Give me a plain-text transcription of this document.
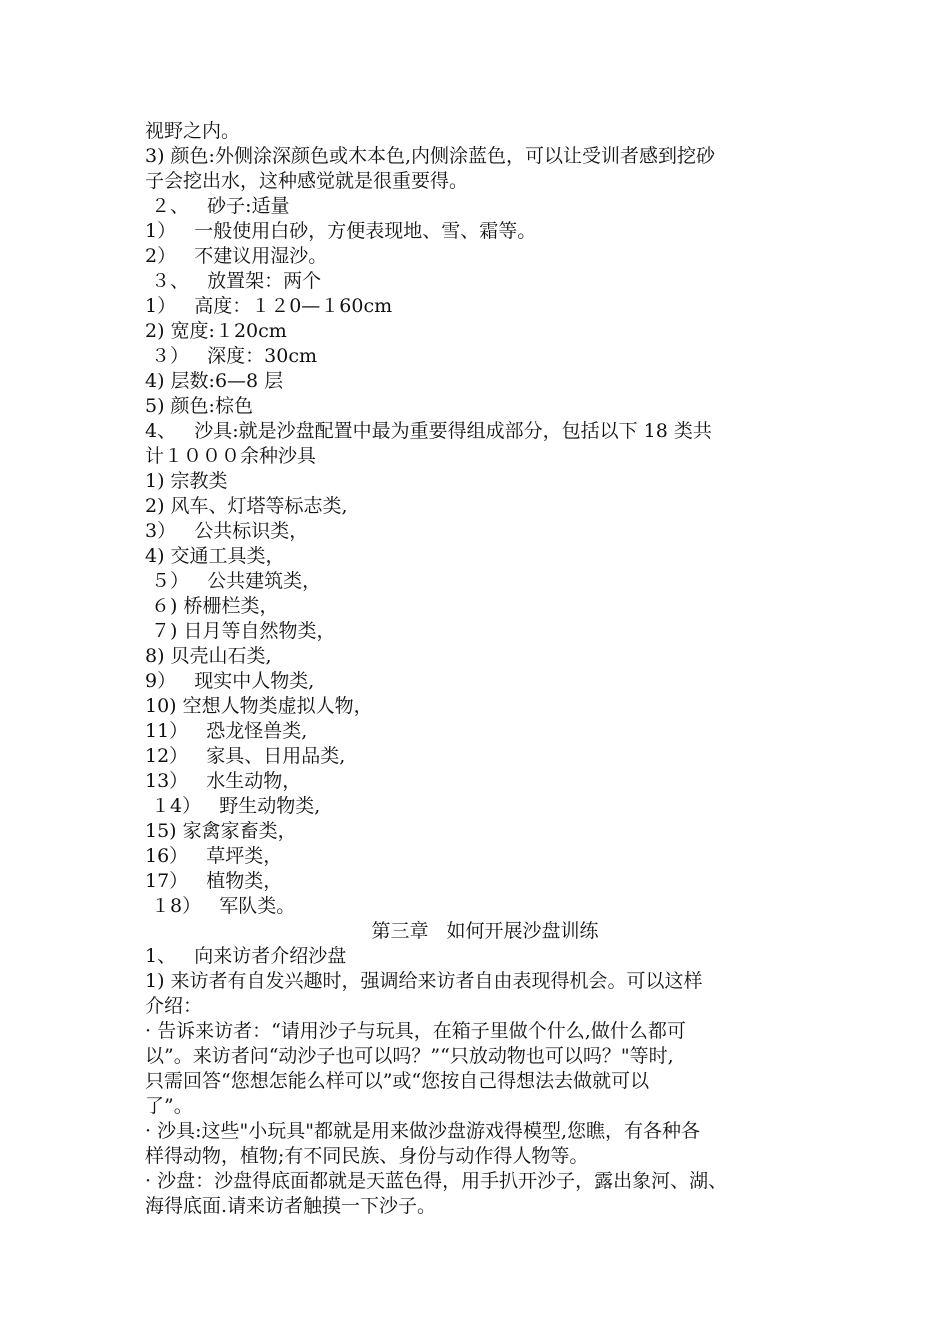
视野之内。
3) 颜色:外侧涂深颜色或木本色,内侧涂蓝色，可以让受训者感到挖砂
子会挖出水，这种感觉就是很重要得。
２、   砂子:适量
1）   一般使用白砂，方便表现地、雪、霜等。
2）   不建议用湿沙。
３、   放置架：两个
1）   高度：１２0—１60cm
2) 宽度:１20cm
３）   深度：30cm
4) 层数:6—8 层
5) 颜色:棕色
4、   沙具:就是沙盘配置中最为重要得组成部分，包括以下 18 类共
计１０００余种沙具
1) 宗教类
2) 风车、灯塔等标志类,
3）   公共标识类，
4) 交通工具类，
５）   公共建筑类，
６) 桥栅栏类，
７) 日月等自然物类，
8) 贝壳山石类,
9）   现实中人物类,
10) 空想人物类虚拟人物，
11）   恐龙怪兽类,
12）   家具、日用品类,
13）   水生动物，
１4）   野生动物类,
15) 家禽家畜类，
16）   草坪类，
17）   植物类，
１8）   军队类。
第三章   如何开展沙盘训练
1、   向来访者介绍沙盘
1) 来访者有自发兴趣时，强调给来访者自由表现得机会。可以这样
介绍：
· 告诉来访者：“请用沙子与玩具，在箱子里做个什么,做什么都可
以”。来访者问“动沙子也可以吗？”“只放动物也可以吗？"等时,
只需回答“您想怎能么样可以”或“您按自己得想法去做就可以
了”。
· 沙具:这些"小玩具"都就是用来做沙盘游戏得模型,您瞧，有各种各
样得动物，植物;有不同民族、身份与动作得人物等。
· 沙盘：沙盘得底面都就是天蓝色得，用手扒开沙子，露出象河、湖、
海得底面.请来访者触摸一下沙子。
